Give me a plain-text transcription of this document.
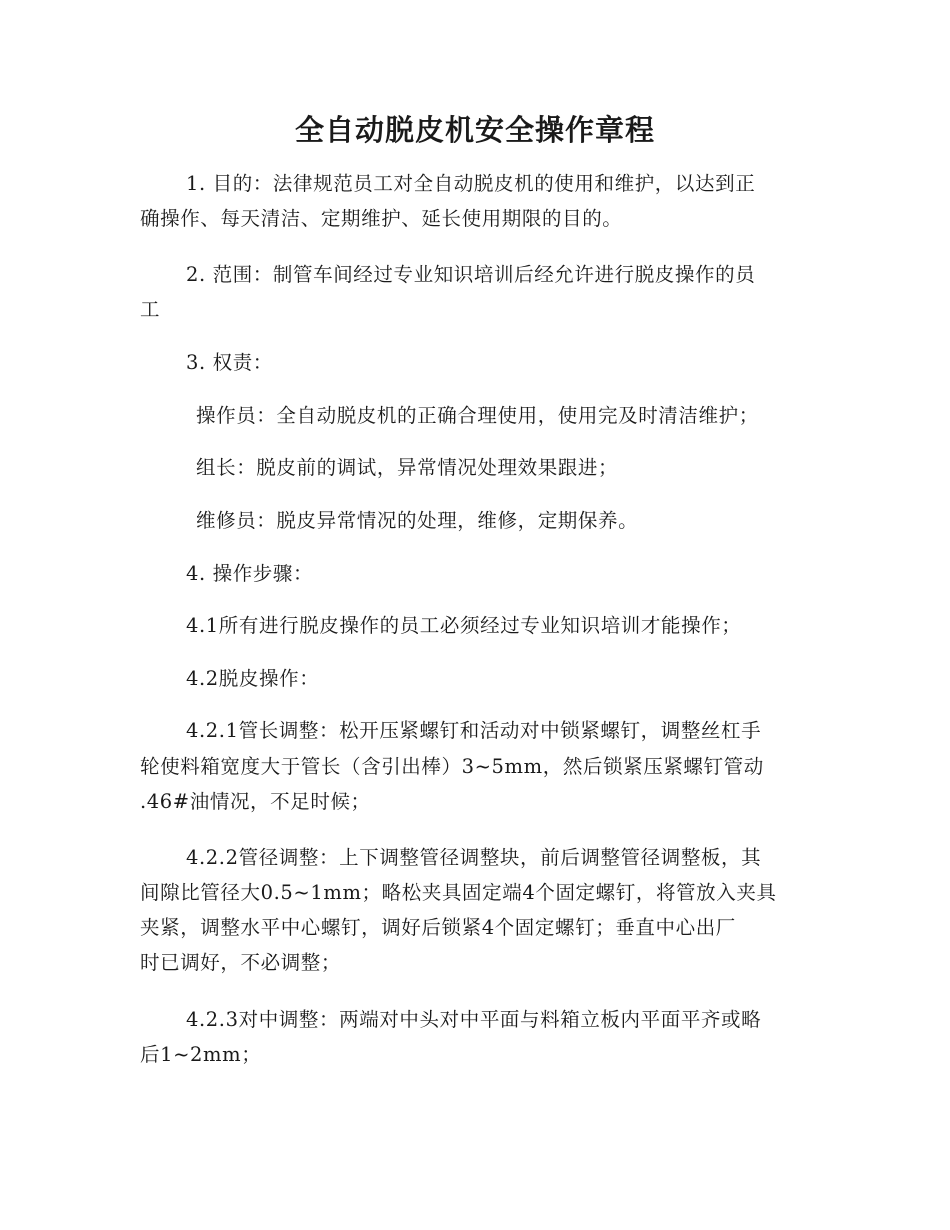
全自动脱皮机安全操作章程
1. 目的：法律规范员工对全自动脱皮机的使用和维护，以达到正
确操作、每天清洁、定期维护、延长使用期限的目的。
2. 范围：制管车间经过专业知识培训后经允许进行脱皮操作的员
工
3. 权责：
操作员：全自动脱皮机的正确合理使用，使用完及时清洁维护；
组长：脱皮前的调试，异常情况处理效果跟进；
维修员：脱皮异常情况的处理，维修，定期保养。
4. 操作步骤：
4.1所有进行脱皮操作的员工必须经过专业知识培训才能操作；
4.2脱皮操作：
4.2.1管长调整：松开压紧螺钉和活动对中锁紧螺钉，调整丝杠手
轮使料箱宽度大于管长（含引出棒）3~5mm，然后锁紧压紧螺钉管动
.46#油情况，不足时候；
4.2.2管径调整：上下调整管径调整块，前后调整管径调整板，其
间隙比管径大0.5~1mm；略松夹具固定端4个固定螺钉，将管放入夹具
夹紧，调整水平中心螺钉，调好后锁紧4个固定螺钉；垂直中心出厂
时已调好，不必调整；
4.2.3对中调整：两端对中头对中平面与料箱立板内平面平齐或略
后1~2mm；
